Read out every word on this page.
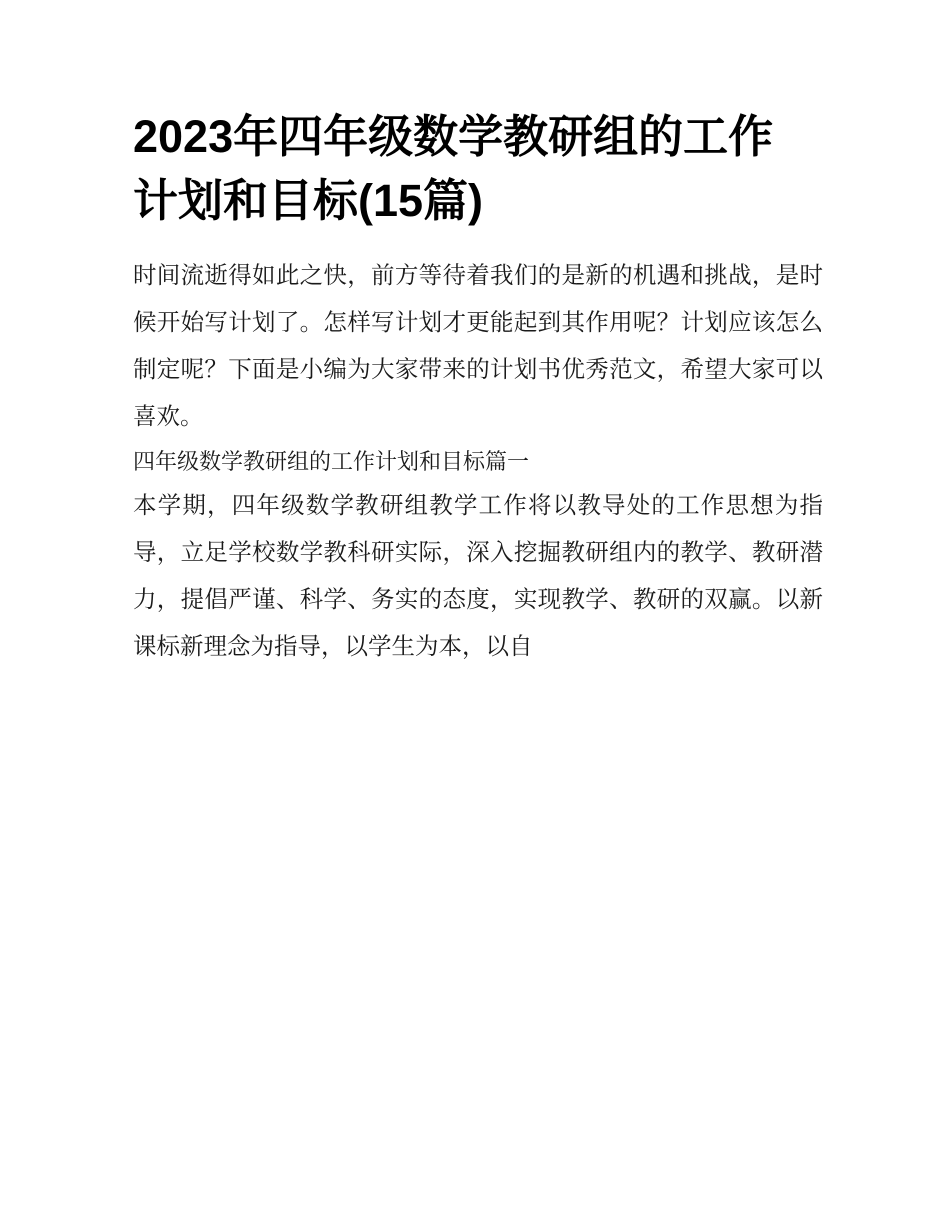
2023年四年级数学教研组的工作计划和目标(15篇)

时间流逝得如此之快，前方等待着我们的是新的机遇和挑战，是时候开始写计划了。怎样写计划才更能起到其作用呢？计划应该怎么制定呢？下面是小编为大家带来的计划书优秀范文，希望大家可以喜欢。

四年级数学教研组的工作计划和目标篇一

本学期，四年级数学教研组教学工作将以教导处的工作思想为指导，立足学校数学教科研实际，深入挖掘教研组内的教学、教研潜力，提倡严谨、科学、务实的态度，实现教学、教研的双赢。以新课标新理念为指导，以学生为本，以自
